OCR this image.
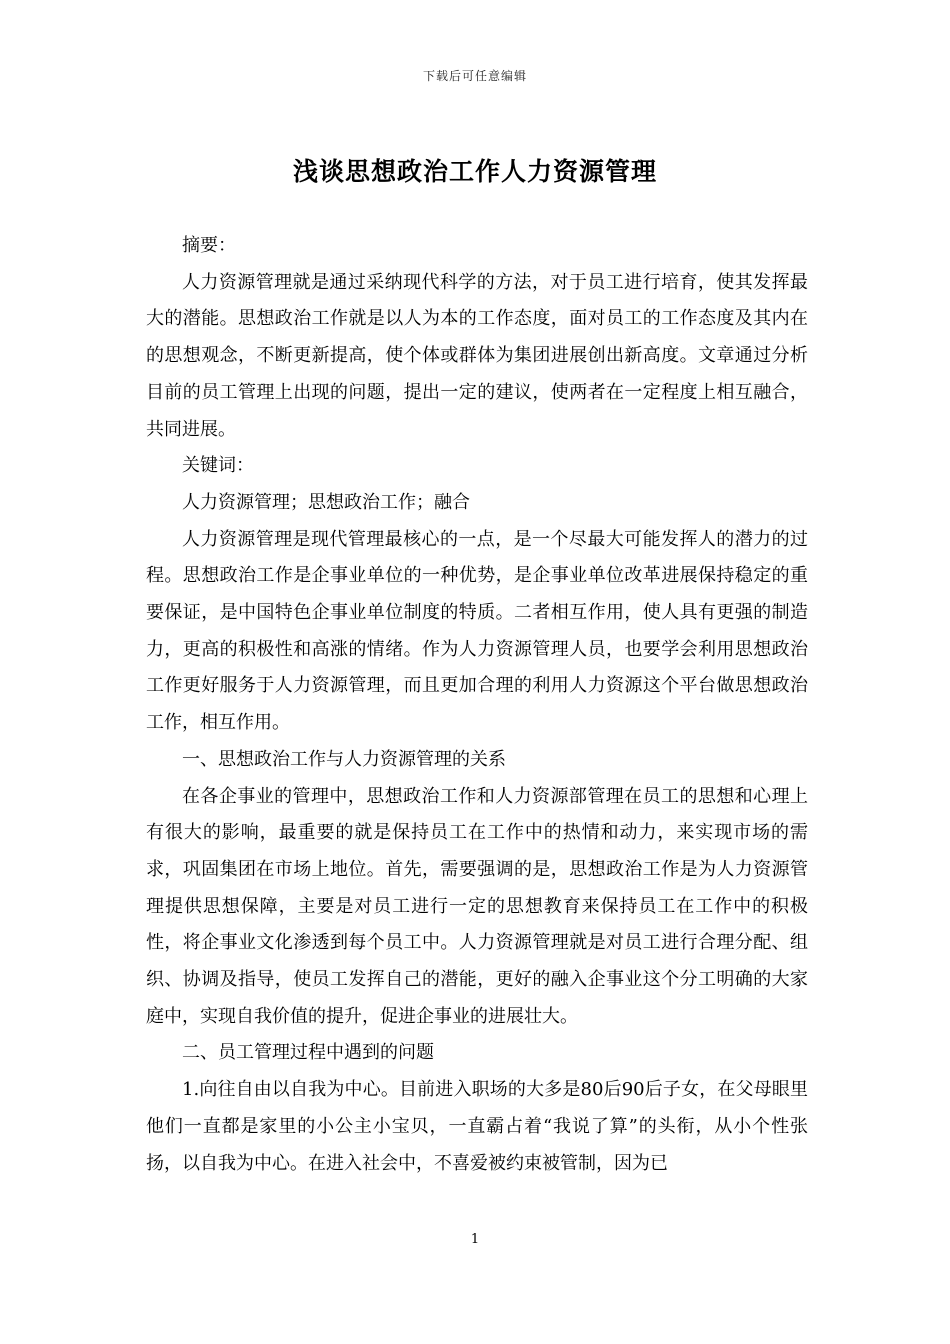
下载后可任意编辑
浅谈思想政治工作人力资源管理

摘要：

人力资源管理就是通过采纳现代科学的方法，对于员工进行培育，使其发挥最大的潜能。思想政治工作就是以人为本的工作态度，面对员工的工作态度及其内在的思想观念，不断更新提高，使个体或群体为集团进展创出新高度。文章通过分析目前的员工管理上出现的问题，提出一定的建议，使两者在一定程度上相互融合，共同进展。

关键词：

人力资源管理；思想政治工作；融合

人力资源管理是现代管理最核心的一点，是一个尽最大可能发挥人的潜力的过程。思想政治工作是企事业单位的一种优势，是企事业单位改革进展保持稳定的重要保证，是中国特色企事业单位制度的特质。二者相互作用，使人具有更强的制造力，更高的积极性和高涨的情绪。作为人力资源管理人员，也要学会利用思想政治工作更好服务于人力资源管理，而且更加合理的利用人力资源这个平台做思想政治工作，相互作用。

一、思想政治工作与人力资源管理的关系

在各企事业的管理中，思想政治工作和人力资源部管理在员工的思想和心理上有很大的影响，最重要的就是保持员工在工作中的热情和动力，来实现市场的需求，巩固集团在市场上地位。首先，需要强调的是，思想政治工作是为人力资源管理提供思想保障，主要是对员工进行一定的思想教育来保持员工在工作中的积极性，将企事业文化渗透到每个员工中。人力资源管理就是对员工进行合理分配、组织、协调及指导，使员工发挥自己的潜能，更好的融入企事业这个分工明确的大家庭中，实现自我价值的提升，促进企事业的进展壮大。

二、员工管理过程中遇到的问题

1.向往自由以自我为中心。目前进入职场的大多是80后90后子女，在父母眼里他们一直都是家里的小公主小宝贝，一直霸占着“我说了算”的头衔，从小个性张扬，以自我为中心。在进入社会中，不喜爱被约束被管制，因为已

1
